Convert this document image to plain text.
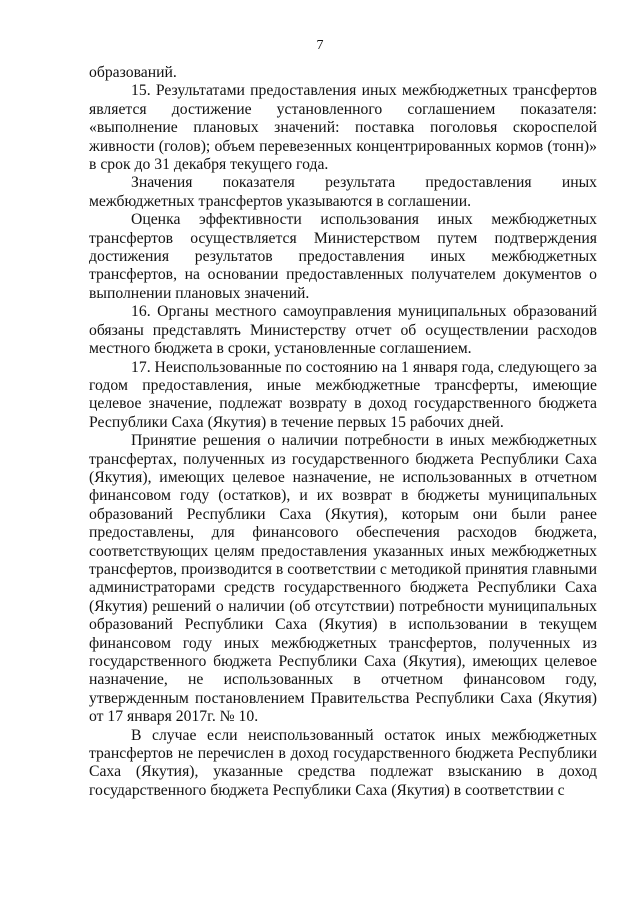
7

образований.

15. Результатами предоставления иных межбюджетных трансфертов является достижение установленного соглашением показателя: «выполнение плановых значений: поставка поголовья скороспелой живности (голов); объем перевезенных концентрированных кормов (тонн)» в срок до 31 декабря текущего года.

Значения показателя результата предоставления иных межбюджетных трансфертов указываются в соглашении.

Оценка эффективности использования иных межбюджетных трансфертов осуществляется Министерством путем подтверждения достижения результатов предоставления иных межбюджетных трансфертов, на основании предоставленных получателем документов о выполнении плановых значений.

16. Органы местного самоуправления муниципальных образований обязаны представлять Министерству отчет об осуществлении расходов местного бюджета в сроки, установленные соглашением.

17. Неиспользованные по состоянию на 1 января года, следующего за годом предоставления, иные межбюджетные трансферты, имеющие целевое значение, подлежат возврату в доход государственного бюджета Республики Саха (Якутия) в течение первых 15 рабочих дней.

Принятие решения о наличии потребности в иных межбюджетных трансфертах, полученных из государственного бюджета Республики Саха (Якутия), имеющих целевое назначение, не использованных в отчетном финансовом году (остатков), и их возврат в бюджеты муниципальных образований Республики Саха (Якутия), которым они были ранее предоставлены, для финансового обеспечения расходов бюджета, соответствующих целям предоставления указанных иных межбюджетных трансфертов, производится в соответствии с методикой принятия главными администраторами средств государственного бюджета Республики Саха (Якутия) решений о наличии (об отсутствии) потребности муниципальных образований Республики Саха (Якутия) в использовании в текущем финансовом году иных межбюджетных трансфертов, полученных из государственного бюджета Республики Саха (Якутия), имеющих целевое назначение, не использованных в отчетном финансовом году, утвержденным постановлением Правительства Республики Саха (Якутия) от 17 января 2017г. № 10.

В случае если неиспользованный остаток иных межбюджетных трансфертов не перечислен в доход государственного бюджета Республики Саха (Якутия), указанные средства подлежат взысканию в доход государственного бюджета Республики Саха (Якутия) в соответствии с
